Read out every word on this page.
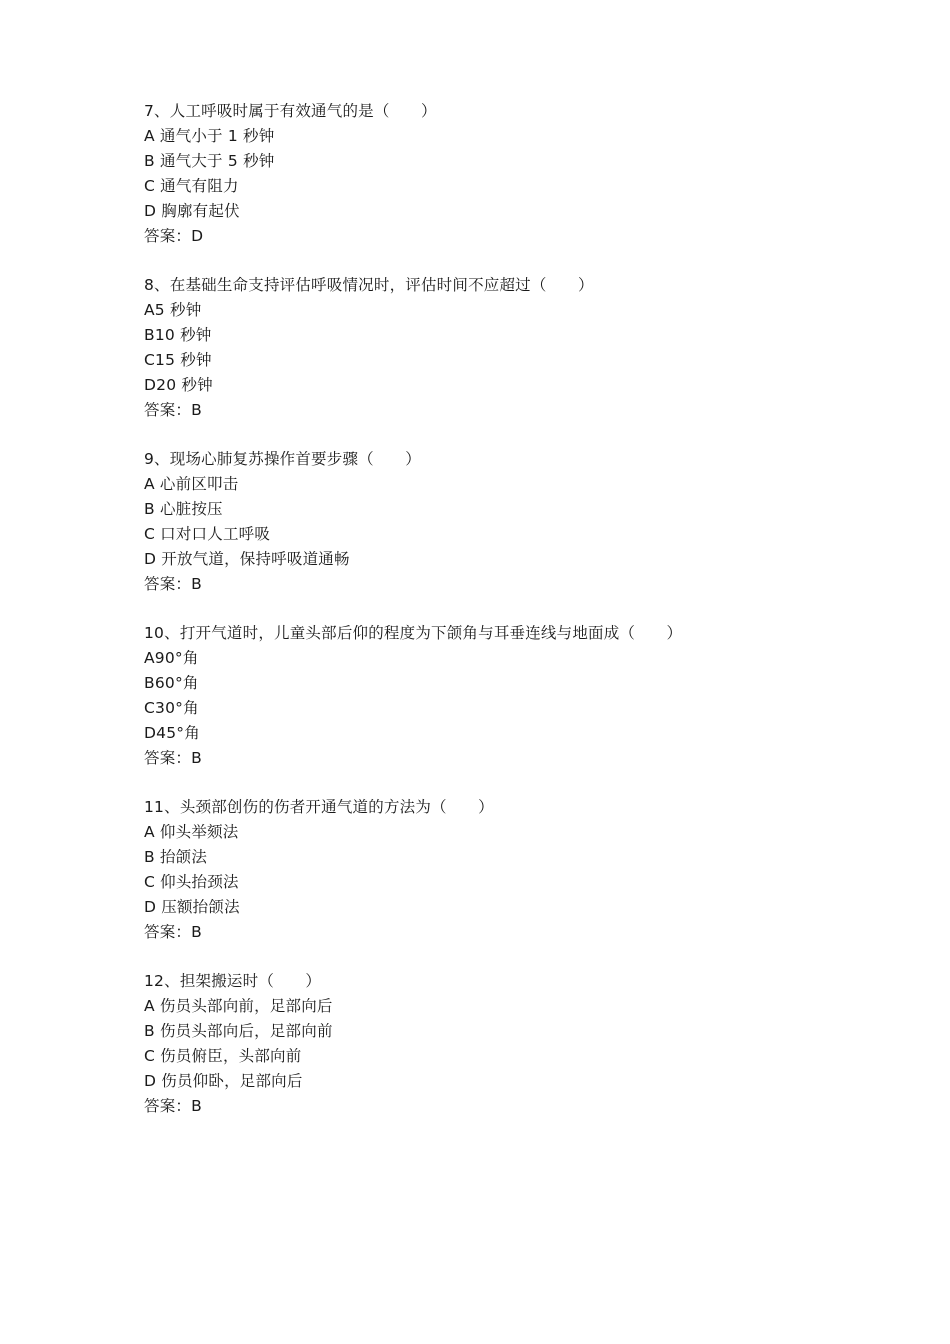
7、人工呼吸时属于有效通气的是（　　）
A 通气小于 1 秒钟
B 通气大于 5 秒钟
C 通气有阻力
D 胸廓有起伏
答案：D
8、在基础生命支持评估呼吸情况时，评估时间不应超过（　　）
A5 秒钟
B10 秒钟
C15 秒钟
D20 秒钟
答案：B
9、现场心肺复苏操作首要步骤（　　）
A 心前区叩击
B 心脏按压
C 口对口人工呼吸
D 开放气道，保持呼吸道通畅
答案：B
10、打开气道时，儿童头部后仰的程度为下颌角与耳垂连线与地面成（　　）
A90°角
B60°角
C30°角
D45°角
答案：B
11、头颈部创伤的伤者开通气道的方法为（　　）
A 仰头举颏法
B 抬颌法
C 仰头抬颈法
D 压额抬颌法
答案：B
12、担架搬运时（　　）
A 伤员头部向前，足部向后
B 伤员头部向后，足部向前
C 伤员俯臣，头部向前
D 伤员仰卧，足部向后
答案：B
